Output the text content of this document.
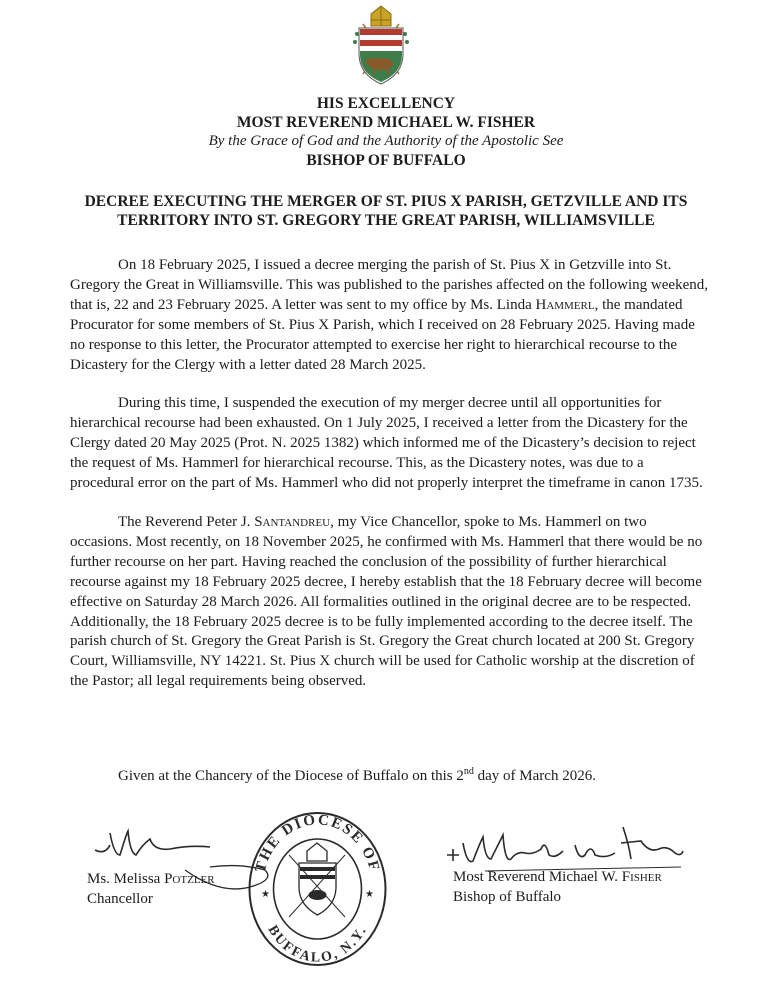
HIS EXCELLENCY
MOST REVEREND MICHAEL W. FISHER
By the Grace of God and the Authority of the Apostolic See
BISHOP OF BUFFALO
DECREE EXECUTING THE MERGER OF ST. PIUS X PARISH, GETZVILLE AND ITS
TERRITORY INTO ST. GREGORY THE GREAT PARISH, WILLIAMSVILLE

On 18 February 2025, I issued a decree merging the parish of St. Pius X in Getzville into St. Gregory the Great in Williamsville. This was published to the parishes affected on the following weekend, that is, 22 and 23 February 2025. A letter was sent to my office by Ms. Linda Hammerl, the mandated Procurator for some members of St. Pius X Parish, which I received on 28 February 2025. Having made no response to this letter, the Procurator attempted to exercise her right to hierarchical recourse to the Dicastery for the Clergy with a letter dated 28 March 2025.

During this time, I suspended the execution of my merger decree until all opportunities for hierarchical recourse had been exhausted. On 1 July 2025, I received a letter from the Dicastery for the Clergy dated 20 May 2025 (Prot. N. 2025 1382) which informed me of the Dicastery’s decision to reject the request of Ms. Hammerl for hierarchical recourse. This, as the Dicastery notes, was due to a procedural error on the part of Ms. Hammerl who did not properly interpret the timeframe in canon 1735.

The Reverend Peter J. Santandreu, my Vice Chancellor, spoke to Ms. Hammerl on two occasions. Most recently, on 18 November 2025, he confirmed with Ms. Hammerl that there would be no further recourse on her part. Having reached the conclusion of the possibility of further hierarchical recourse against my 18 February 2025 decree, I hereby establish that the 18 February decree will become effective on Saturday 28 March 2026. All formalities outlined in the original decree are to be respected. Additionally, the 18 February 2025 decree is to be fully implemented according to the decree itself. The parish church of St. Gregory the Great Parish is St. Gregory the Great church located at 200 St. Gregory Court, Williamsville, NY 14221. St. Pius X church will be used for Catholic worship at the discretion of the Pastor; all legal requirements being observed.

Given at the Chancery of the Diocese of Buffalo on this 2nd day of March 2026.
Ms. Melissa Potzler
Chancellor
Most Reverend Michael W. Fisher
Bishop of Buffalo
THE DIOCESE OF
BUFFALO, N.Y.
★	★
